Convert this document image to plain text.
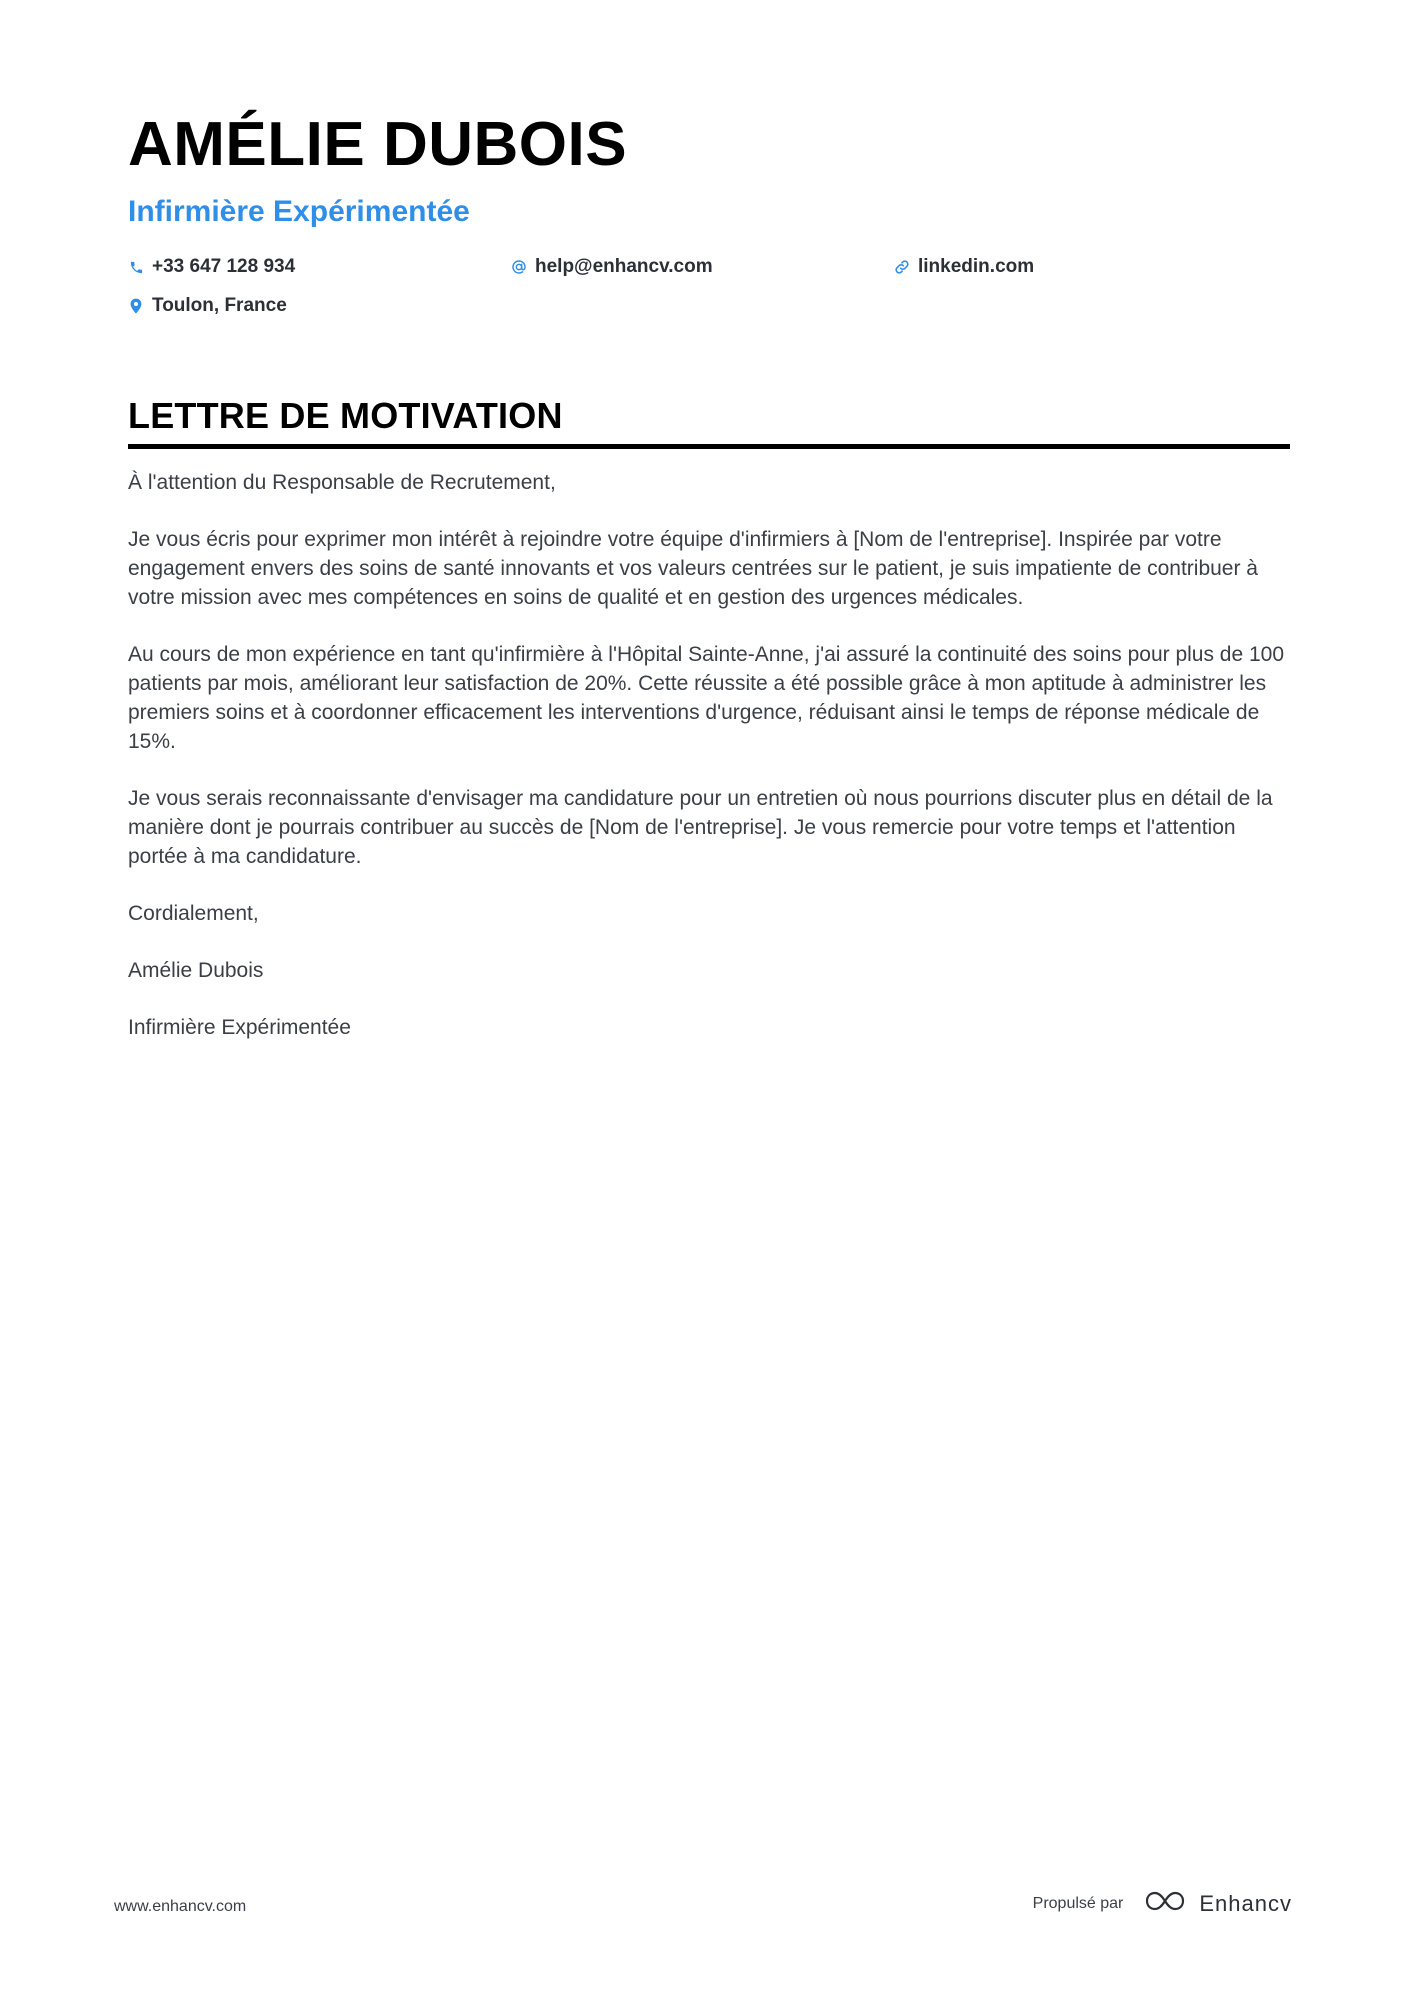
AMÉLIE DUBOIS
Infirmière Expérimentée
+33 647 128 934	help@enhancv.com	linkedin.com
Toulon, France
LETTRE DE MOTIVATION

À l'attention du Responsable de Recrutement,

Je vous écris pour exprimer mon intérêt à rejoindre votre équipe d'infirmiers à [Nom de l'entreprise]. Inspirée par votre engagement envers des soins de santé innovants et vos valeurs centrées sur le patient, je suis impatiente de contribuer à votre mission avec mes compétences en soins de qualité et en gestion des urgences médicales.

Au cours de mon expérience en tant qu'infirmière à l'Hôpital Sainte-Anne, j'ai assuré la continuité des soins pour plus de 100 patients par mois, améliorant leur satisfaction de 20%. Cette réussite a été possible grâce à mon aptitude à administrer les premiers soins et à coordonner efficacement les interventions d'urgence, réduisant ainsi le temps de réponse médicale de 15%.

Je vous serais reconnaissante d'envisager ma candidature pour un entretien où nous pourrions discuter plus en détail de la manière dont je pourrais contribuer au succès de [Nom de l'entreprise]. Je vous remercie pour votre temps et l'attention portée à ma candidature.

Cordialement,

Amélie Dubois

Infirmière Expérimentée

www.enhancv.com	Propulsé par	Enhancv
